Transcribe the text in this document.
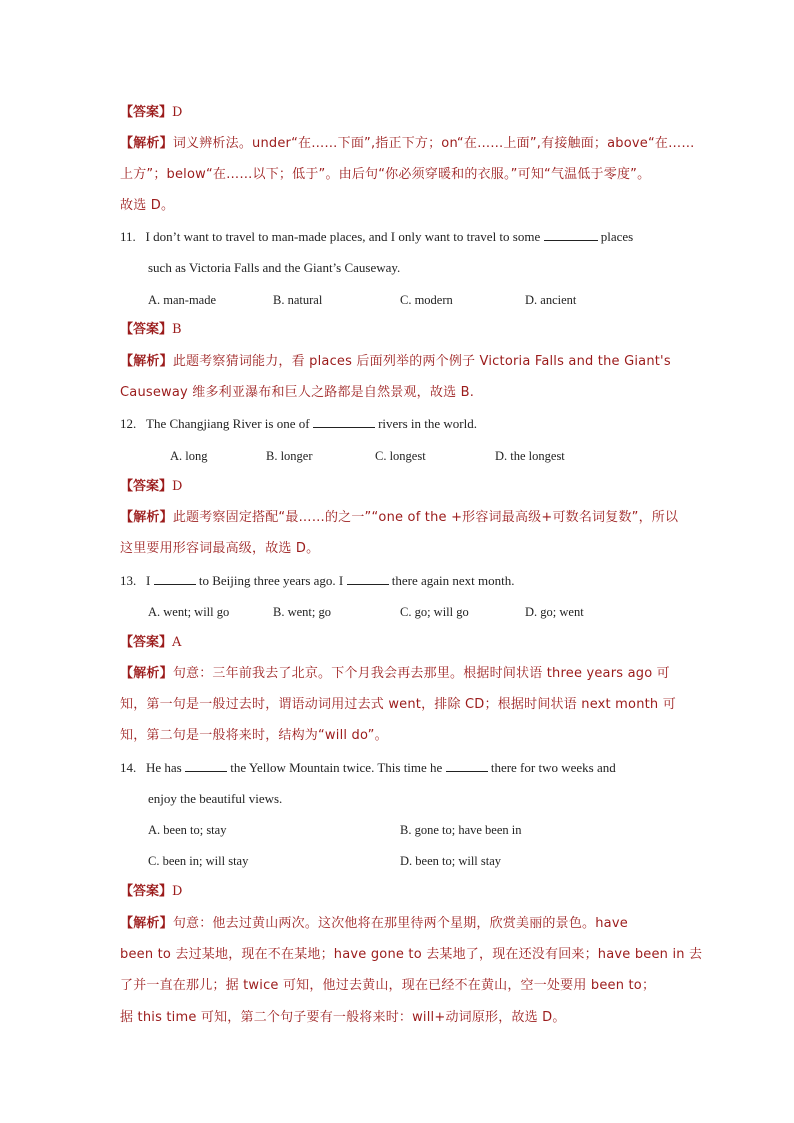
【答案】D
【解析】词义辨析法。under“在……下面”,指正下方；on“在……上面”,有接触面；above“在……
上方”；below“在……以下；低于”。由后句“你必须穿暖和的衣服。”可知“气温低于零度”。
故选 D。
11. I don’t want to travel to man-made places, and I only want to travel to some	places
such as Victoria Falls and the Giant’s Causeway.
A. man-made	B. natural	C. modern	D. ancient
【答案】B
【解析】此题考察猜词能力，看 places 后面列举的两个例子 Victoria Falls and the Giant's
Causeway 维多利亚瀑布和巨人之路都是自然景观，故选 B.
12. The Changjiang River is one of	rivers in the world.
A. long	B. longer	C. longest	D. the longest
【答案】D
【解析】此题考察固定搭配“最……的之一”“one of the +形容词最高级+可数名词复数”，所以
这里要用形容词最高级，故选 D。
13. I	to Beijing three years ago. I	there again next month.
A. went; will go	B. went; go	C. go; will go	D. go; went
【答案】A
【解析】句意：三年前我去了北京。下个月我会再去那里。根据时间状语 three years ago 可
知，第一句是一般过去时，谓语动词用过去式 went，排除 CD；根据时间状语 next month 可
知，第二句是一般将来时，结构为“will do”。
14. He has	the Yellow Mountain twice. This time he	there for two weeks and
enjoy the beautiful views.
A. been to; stay	B. gone to; have been in
C. been in; will stay	D. been to; will stay
【答案】D
【解析】句意：他去过黄山两次。这次他将在那里待两个星期，欣赏美丽的景色。have
been to 去过某地，现在不在某地；have gone to 去某地了，现在还没有回来；have been in 去
了并一直在那儿；据 twice 可知，他过去黄山，现在已经不在黄山，空一处要用 been to；
据 this time 可知，第二个句子要有一般将来时：will+动词原形，故选 D。
